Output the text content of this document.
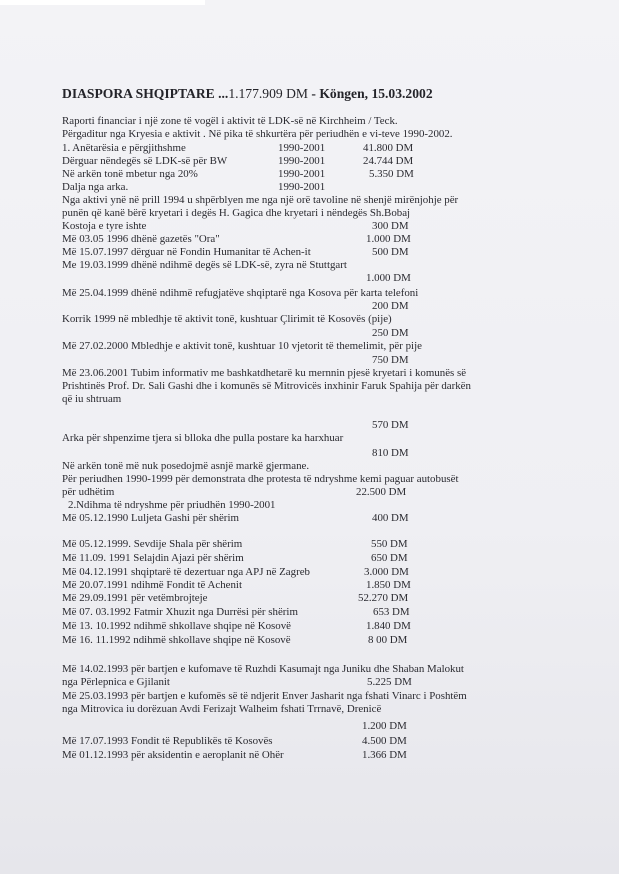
DIASPORA SHQIPTARE ...1.177.909 DM - Köngen, 15.03.2002
Raporti financiar i një zone të vogël i aktivit të LDK-së në Kirchheim / Teck.
Përgaditur nga Kryesia e aktivit . Në pika të shkurtëra për periudhën e vi-teve 1990-2002.
1. Anëtarësia e përgjithshme	1990-2001	41.800 DM
Dërguar nëndegës së LDK-së për BW	1990-2001	24.744 DM
Në arkën tonë mbetur nga 20%	1990-2001	5.350 DM
Dalja nga arka.	1990-2001
Nga aktivi ynë në prill 1994 u shpërblyen me nga një orë tavoline në shenjë mirënjohje për
punën që kanë bërë kryetari i degës H. Gagica dhe kryetari i nëndegës Sh.Bobaj
Kostoja e tyre ishte	300 DM
Më 03.05 1996 dhënë gazetës "Ora"	1.000 DM
Më 15.07.1997 dërguar në Fondin Humanitar të Achen-it	500 DM
Me 19.03.1999 dhënë ndihmë degës së LDK-së, zyra në Stuttgart
1.000 DM
Më 25.04.1999 dhënë ndihmë refugjatëve shqiptarë nga Kosova për karta telefoni
200 DM
Korrik 1999 në mbledhje të aktivit tonë, kushtuar Çlirimit të Kosovës (pije)
250 DM
Më 27.02.2000 Mbledhje e aktivit tonë, kushtuar 10 vjetorit të themelimit, për pije
750 DM
Më 23.06.2001 Tubim informativ me bashkatdhetarë ku mernnin pjesë kryetari i komunës së
Prishtinës Prof. Dr. Sali Gashi dhe i komunës së Mitrovicës inxhinir Faruk Spahija për darkën
që iu shtruam
570 DM
Arka për shpenzime tjera si blloka dhe pulla postare ka harxhuar
810 DM
Në arkën tonë më nuk posedojmë asnjë markë gjermane.
Për periudhen 1990-1999 për demonstrata dhe protesta të ndryshme kemi paguar autobusët
për udhëtim	22.500 DM
2.Ndihma të ndryshme për priudhën 1990-2001
Më 05.12.1990 Luljeta Gashi për shërim	400 DM
Më 05.12.1999. Sevdije Shala për shërim	550 DM
Më 11.09. 1991 Selajdin Ajazi për shërim	650 DM
Më 04.12.1991 shqiptarë të dezertuar nga APJ në Zagreb	3.000 DM
Më 20.07.1991 ndihmë Fondit të Achenit	1.850 DM
Më 29.09.1991 për vetëmbrojteje	52.270 DM
Më 07. 03.1992 Fatmir Xhuzit nga Durrësi për shërim	653 DM
Më 13. 10.1992 ndihmë shkollave shqipe në Kosovë	1.840 DM
Më 16. 11.1992 ndihmë shkollave shqipe në Kosovë	8 00 DM
Më 14.02.1993 për bartjen e kufomave të Ruzhdi Kasumajt nga Juniku dhe Shaban Malokut
nga Përlepnica e Gjilanit	5.225 DM
Më 25.03.1993 për bartjen e kufomës së të ndjerit Enver Jasharit nga fshati Vinarc i Poshtëm
nga Mitrovica iu dorëzuan Avdi Ferizajt Walheim fshati Trrnavë, Drenicë
1.200 DM
Më 17.07.1993 Fondit të Republikës të Kosovës	4.500 DM
Më 01.12.1993 për aksidentin e aeroplanit në Ohër	1.366 DM
